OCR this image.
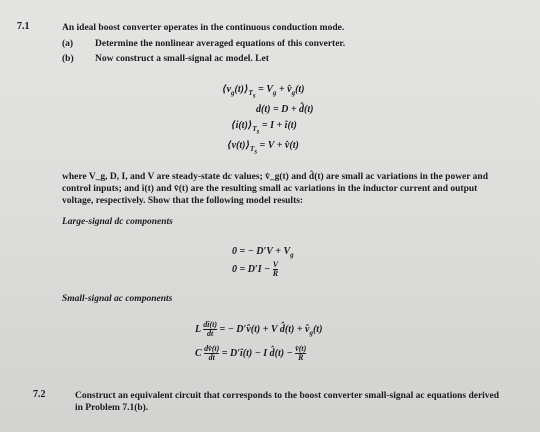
7.1	An ideal boost converter operates in the continuous conduction mode.
(a) Determine the nonlinear averaged equations of this converter.
(b) Now construct a small-signal ac model. Let
$⟨v_g(t)⟩_{T_s} = V_g$ + $v̂_g(t)$
d(t) = D + d̂(t)
$⟨i(t)⟩_{T_s} = I$ + î(t)
$⟨v(t)⟩_{T_s} = V$ + v̂(t)
where V_g, D, I, and V are steady-state dc values; v̂_g(t) and d̂(t) are small ac variations in the power and
control inputs; and î(t) and v̂(t) are the resulting small ac variations in the inductor current and output
voltage, respectively. Show that the following model results:
Large-signal dc components
0 = − $D'V + V_g$
$0 = D'I - \frac{V}{R}$
Small-signal ac components
L $\frac{dî(t)}{dt}$ = − D′v̂(t) + V d̂(t) + $v̂_g(t)$
C $\frac{dv̂(t)}{dt}$ = D′î(t) − I d̂(t) − $\frac{v̂(t)}{R}$
7.2	Construct an equivalent circuit that corresponds to the boost converter small-signal ac equations derived
in Problem 7.1(b).
